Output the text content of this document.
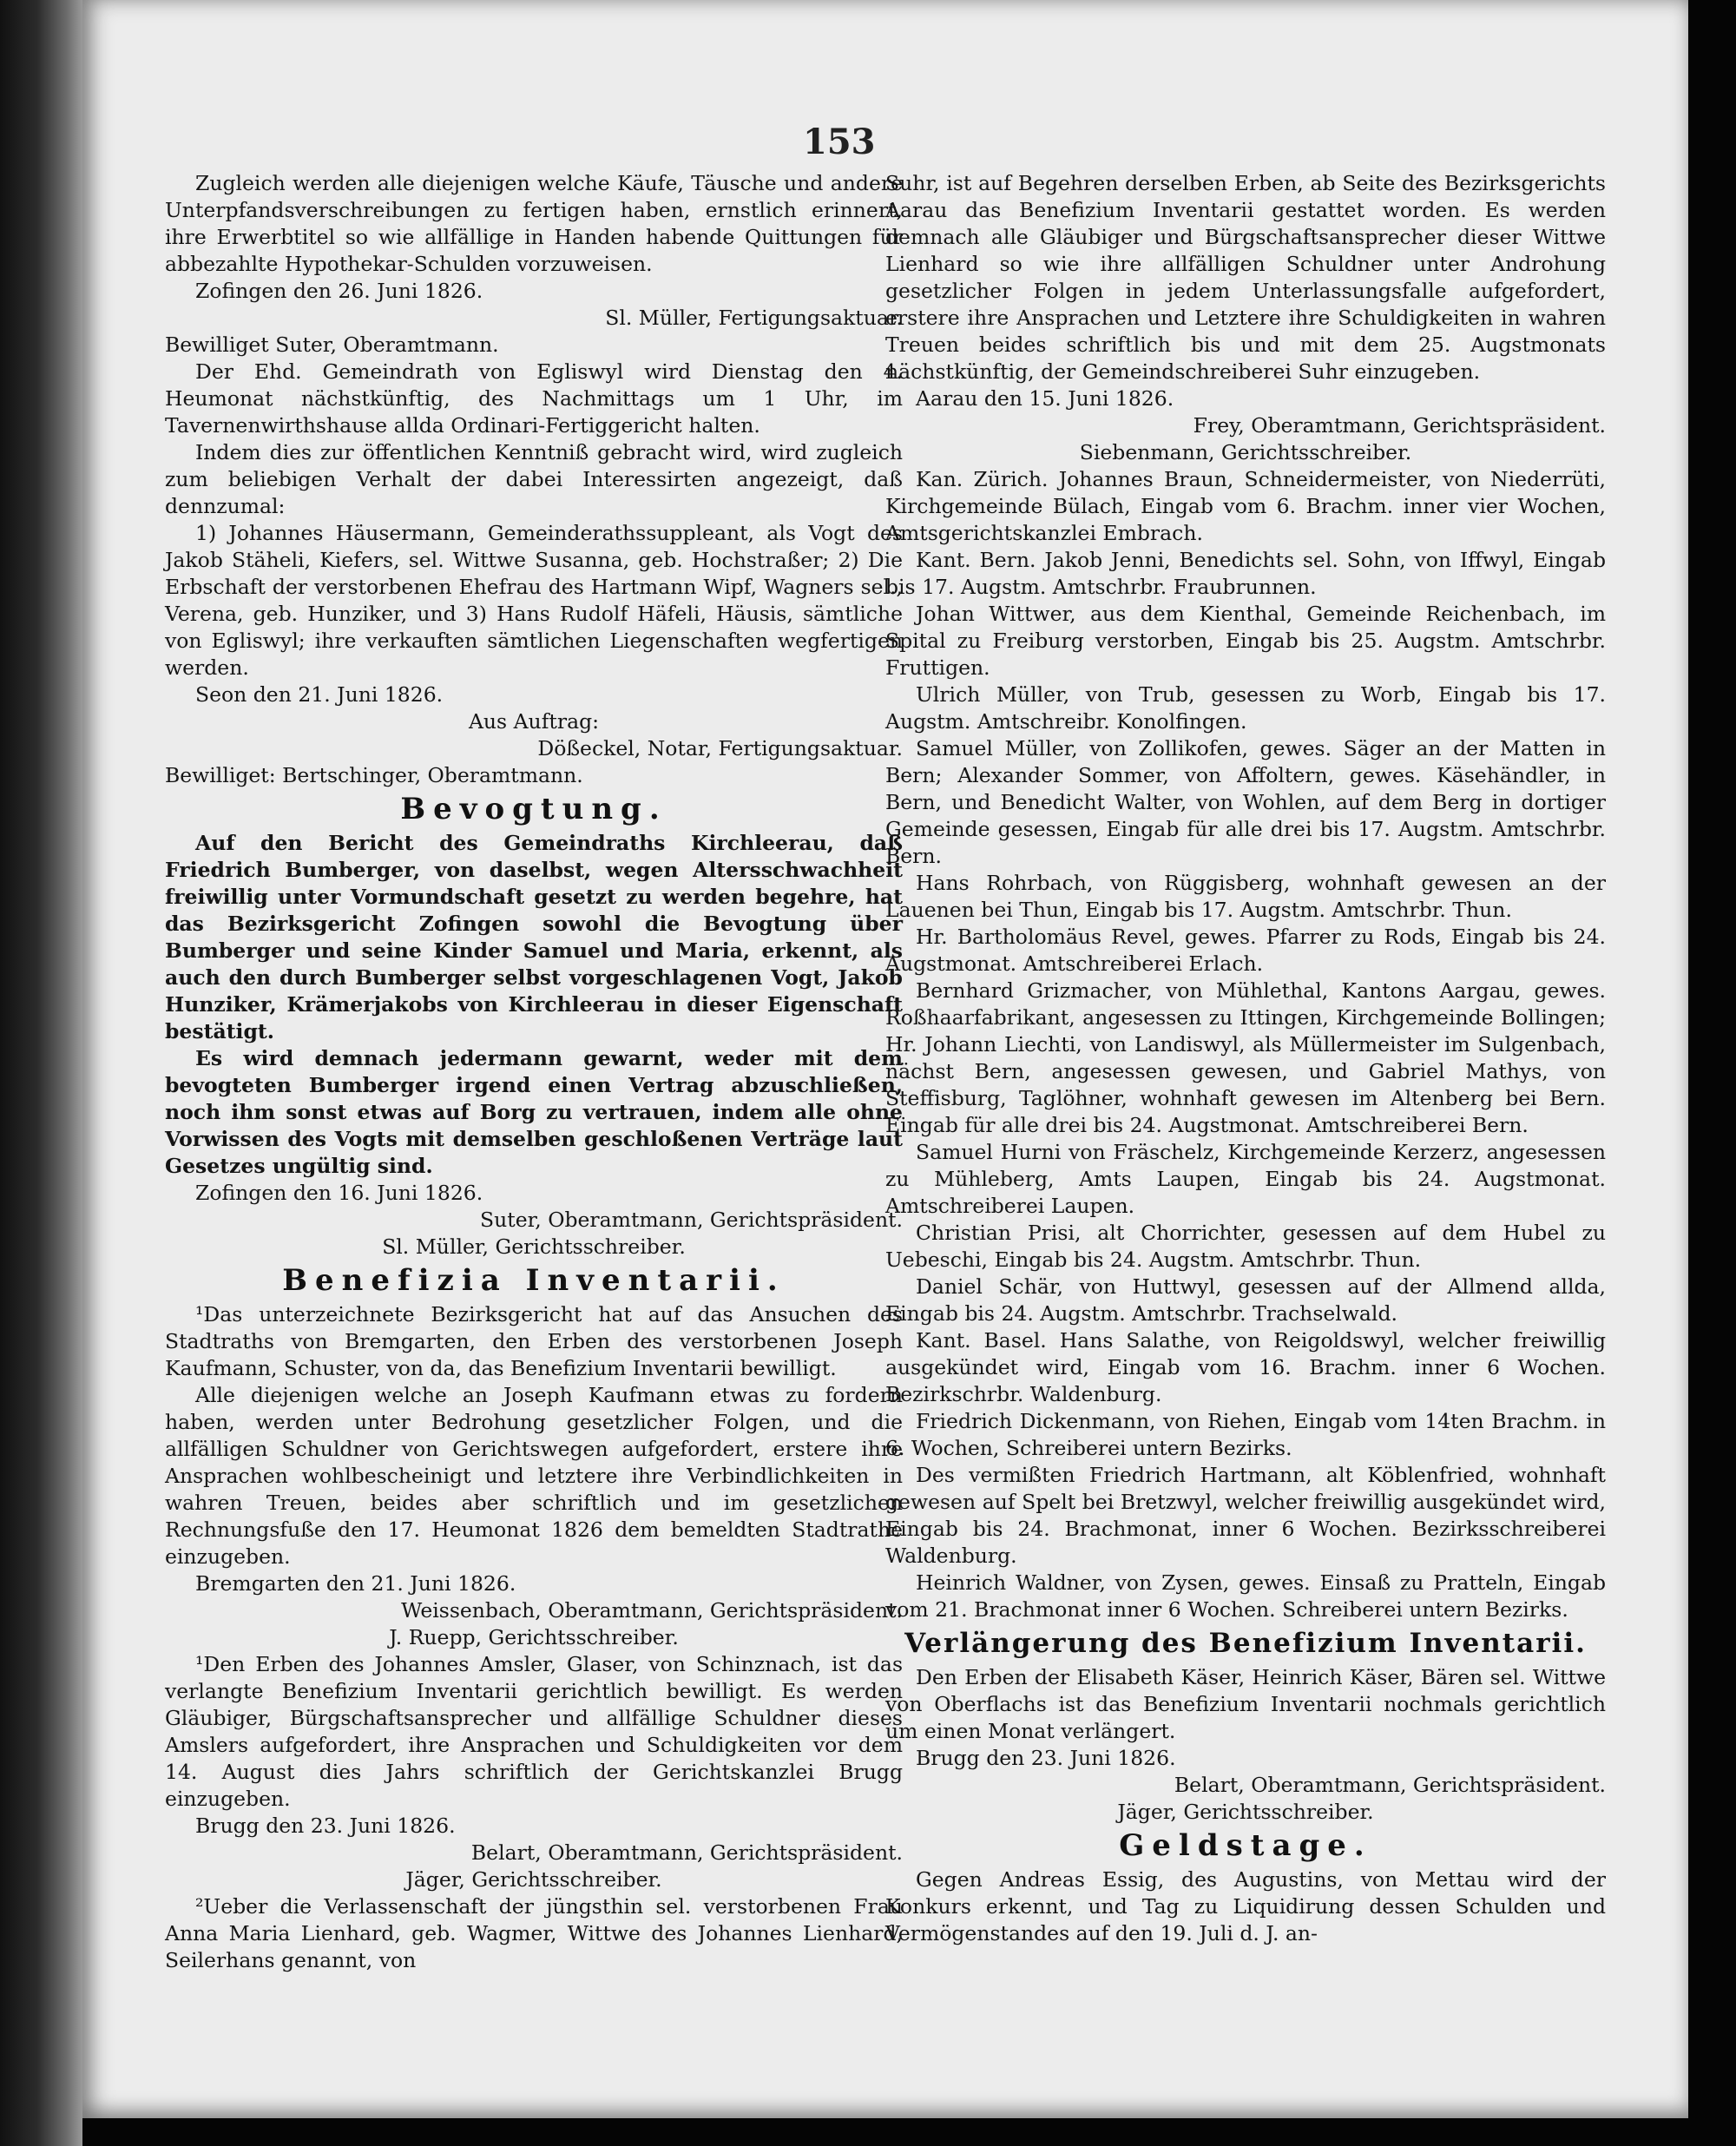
153

Zugleich werden alle diejenigen welche Käufe, Täusche und andere Unterpfandsverschreibungen zu fertigen haben, ernstlich erinnert, ihre Erwerbtitel so wie allfällige in Handen habende Quittungen für abbezahlte Hypothekar-Schulden vorzuweisen.

Zofingen den 26. Juni 1826.

Sl. Müller, Fertigungsaktuar.

Bewilliget Suter, Oberamtmann.

Der Ehd. Gemeindrath von Egliswyl wird Dienstag den 4. Heumonat nächstkünftig, des Nachmittags um 1 Uhr, im Tavernenwirthshause allda Ordinari-Fertiggericht halten.

Indem dies zur öffentlichen Kenntniß gebracht wird, wird zugleich zum beliebigen Verhalt der dabei Interessirten angezeigt, daß dennzumal:

1) Johannes Häusermann, Gemeinderathssuppleant, als Vogt des Jakob Stäheli, Kiefers, sel. Wittwe Susanna, geb. Hochstraßer; 2) Die Erbschaft der verstorbenen Ehefrau des Hartmann Wipf, Wagners sel., Verena, geb. Hunziker, und 3) Hans Rudolf Häfeli, Häusis, sämtliche von Egliswyl; ihre verkauften sämtlichen Liegenschaften wegfertigen werden.

Seon den 21. Juni 1826.

Aus Auftrag:

Dößeckel, Notar, Fertigungsaktuar.

Bewilliget: Bertschinger, Oberamtmann.

Bevogtung.

Auf den Bericht des Gemeindraths Kirchleerau, daß Friedrich Bumberger, von daselbst, wegen Altersschwachheit freiwillig unter Vormundschaft gesetzt zu werden begehre, hat das Bezirksgericht Zofingen sowohl die Bevogtung über Bumberger und seine Kinder Samuel und Maria, erkennt, als auch den durch Bumberger selbst vorgeschlagenen Vogt, Jakob Hunziker, Krämerjakobs von Kirchleerau in dieser Eigenschaft bestätigt.

Es wird demnach jedermann gewarnt, weder mit dem bevogteten Bumberger irgend einen Vertrag abzuschließen, noch ihm sonst etwas auf Borg zu vertrauen, indem alle ohne Vorwissen des Vogts mit demselben geschloßenen Verträge laut Gesetzes ungültig sind.

Zofingen den 16. Juni 1826.

Suter, Oberamtmann, Gerichtspräsident.

Sl. Müller, Gerichtsschreiber.

Benefizia Inventarii.

¹Das unterzeichnete Bezirksgericht hat auf das Ansuchen des Stadtraths von Bremgarten, den Erben des verstorbenen Joseph Kaufmann, Schuster, von da, das Benefizium Inventarii bewilligt.

Alle diejenigen welche an Joseph Kaufmann etwas zu fordern haben, werden unter Bedrohung gesetzlicher Folgen, und die allfälligen Schuldner von Gerichtswegen aufgefordert, erstere ihre Ansprachen wohlbescheinigt und letztere ihre Verbindlichkeiten in wahren Treuen, beides aber schriftlich und im gesetzlichen Rechnungsfuße den 17. Heumonat 1826 dem bemeldten Stadtrathe einzugeben.

Bremgarten den 21. Juni 1826.

Weissenbach, Oberamtmann, Gerichtspräsident.

J. Ruepp, Gerichtsschreiber.

¹Den Erben des Johannes Amsler, Glaser, von Schinznach, ist das verlangte Benefizium Inventarii gerichtlich bewilligt. Es werden Gläubiger, Bürgschaftsansprecher und allfällige Schuldner dieses Amslers aufgefordert, ihre Ansprachen und Schuldigkeiten vor dem 14. August dies Jahrs schriftlich der Gerichtskanzlei Brugg einzugeben.

Brugg den 23. Juni 1826.

Belart, Oberamtmann, Gerichtspräsident.

Jäger, Gerichtsschreiber.

²Ueber die Verlassenschaft der jüngsthin sel. verstorbenen Frau Anna Maria Lienhard, geb. Wagmer, Wittwe des Johannes Lienhard, Seilerhans genannt, von

Suhr, ist auf Begehren derselben Erben, ab Seite des Bezirksgerichts Aarau das Benefizium Inventarii gestattet worden. Es werden demnach alle Gläubiger und Bürgschaftsansprecher dieser Wittwe Lienhard so wie ihre allfälligen Schuldner unter Androhung gesetzlicher Folgen in jedem Unterlassungsfalle aufgefordert, erstere ihre Ansprachen und Letztere ihre Schuldigkeiten in wahren Treuen beides schriftlich bis und mit dem 25. Augstmonats nächstkünftig, der Gemeindschreiberei Suhr einzugeben.

Aarau den 15. Juni 1826.

Frey, Oberamtmann, Gerichtspräsident.

Siebenmann, Gerichtsschreiber.

Kan. Zürich. Johannes Braun, Schneidermeister, von Niederrüti, Kirchgemeinde Bülach, Eingab vom 6. Brachm. inner vier Wochen, Amtsgerichtskanzlei Embrach.

Kant. Bern. Jakob Jenni, Benedichts sel. Sohn, von Iffwyl, Eingab bis 17. Augstm. Amtschrbr. Fraubrunnen.

Johan Wittwer, aus dem Kienthal, Gemeinde Reichenbach, im Spital zu Freiburg verstorben, Eingab bis 25. Augstm. Amtschrbr. Fruttigen.

Ulrich Müller, von Trub, gesessen zu Worb, Eingab bis 17. Augstm. Amtschreibr. Konolfingen.

Samuel Müller, von Zollikofen, gewes. Säger an der Matten in Bern; Alexander Sommer, von Affoltern, gewes. Käsehändler, in Bern, und Benedicht Walter, von Wohlen, auf dem Berg in dortiger Gemeinde gesessen, Eingab für alle drei bis 17. Augstm. Amtschrbr. Bern.

Hans Rohrbach, von Rüggisberg, wohnhaft gewesen an der Lauenen bei Thun, Eingab bis 17. Augstm. Amtschrbr. Thun.

Hr. Bartholomäus Revel, gewes. Pfarrer zu Rods, Eingab bis 24. Augstmonat. Amtschreiberei Erlach.

Bernhard Grizmacher, von Mühlethal, Kantons Aargau, gewes. Roßhaarfabrikant, angesessen zu Ittingen, Kirchgemeinde Bollingen; Hr. Johann Liechti, von Landiswyl, als Müllermeister im Sulgenbach, nächst Bern, angesessen gewesen, und Gabriel Mathys, von Steffisburg, Taglöhner, wohnhaft gewesen im Altenberg bei Bern. Eingab für alle drei bis 24. Augstmonat. Amtschreiberei Bern.

Samuel Hurni von Fräschelz, Kirchgemeinde Kerzerz, angesessen zu Mühleberg, Amts Laupen, Eingab bis 24. Augstmonat. Amtschreiberei Laupen.

Christian Prisi, alt Chorrichter, gesessen auf dem Hubel zu Uebeschi, Eingab bis 24. Augstm. Amtschrbr. Thun.

Daniel Schär, von Huttwyl, gesessen auf der Allmend allda, Eingab bis 24. Augstm. Amtschrbr. Trachselwald.

Kant. Basel. Hans Salathe, von Reigoldswyl, welcher freiwillig ausgekündet wird, Eingab vom 16. Brachm. inner 6 Wochen. Bezirkschrbr. Waldenburg.

Friedrich Dickenmann, von Riehen, Eingab vom 14ten Brachm. in 6. Wochen, Schreiberei untern Bezirks.

Des vermißten Friedrich Hartmann, alt Köblenfried, wohnhaft gewesen auf Spelt bei Bretzwyl, welcher freiwillig ausgekündet wird, Eingab bis 24. Brachmonat, inner 6 Wochen. Bezirksschreiberei Waldenburg.

Heinrich Waldner, von Zysen, gewes. Einsaß zu Pratteln, Eingab vom 21. Brachmonat inner 6 Wochen. Schreiberei untern Bezirks.

Verlängerung des Benefizium Inventarii.

Den Erben der Elisabeth Käser, Heinrich Käser, Bären sel. Wittwe von Oberflachs ist das Benefizium Inventarii nochmals gerichtlich um einen Monat verlängert.

Brugg den 23. Juni 1826.

Belart, Oberamtmann, Gerichtspräsident.

Jäger, Gerichtsschreiber.

Geldstage.

Gegen Andreas Essig, des Augustins, von Mettau wird der Konkurs erkennt, und Tag zu Liquidirung dessen Schulden und Vermögenstandes auf den 19. Juli d. J. an-
